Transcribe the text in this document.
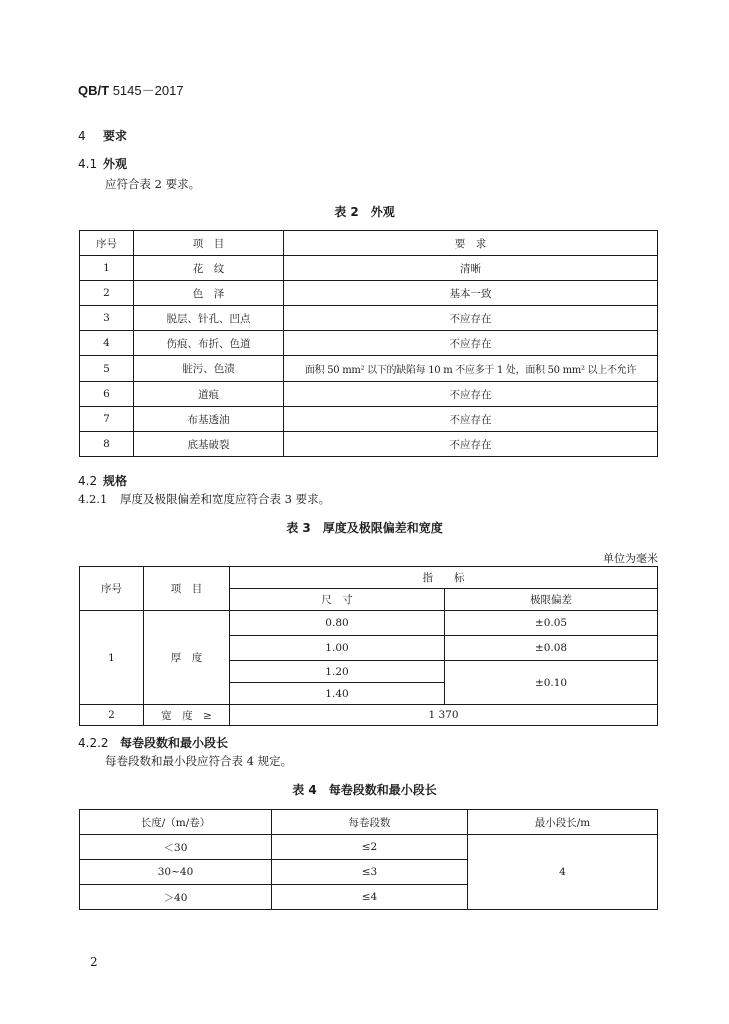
QB/T 5145－2017
4 要求
4.1 外观
应符合表 2 要求。
表 2　外观
序号	项　目	要　求
1	花　纹	清晰
2	色　泽	基本一致
3	脱层、针孔、凹点	不应存在
4	伤痕、布折、色道	不应存在
5	脏污、色渍	面积 50 mm² 以下的缺陷每 10 m 不应多于 1 处，面积 50 mm² 以上不允许
6	道痕	不应存在
7	布基透油	不应存在
8	底基破裂	不应存在
4.2 规格
4.2.1 厚度及极限偏差和宽度应符合表 3 要求。
表 3　厚度及极限偏差和宽度
单位为毫米
序号	项　目	指　　标	
		尺　寸	极限偏差
1	厚　度	0.80	±0.05
		1.00	±0.08
		1.20	±0.10
		1.40	
2	宽　度　≥	1 370	
4.2.2 每卷段数和最小段长
每卷段数和最小段应符合表 4 规定。
表 4　每卷段数和最小段长
长度/（m/卷）	每卷段数	最小段长/m
＜30	≤2	4
30~40	≤3	
＞40	≤4	
2
